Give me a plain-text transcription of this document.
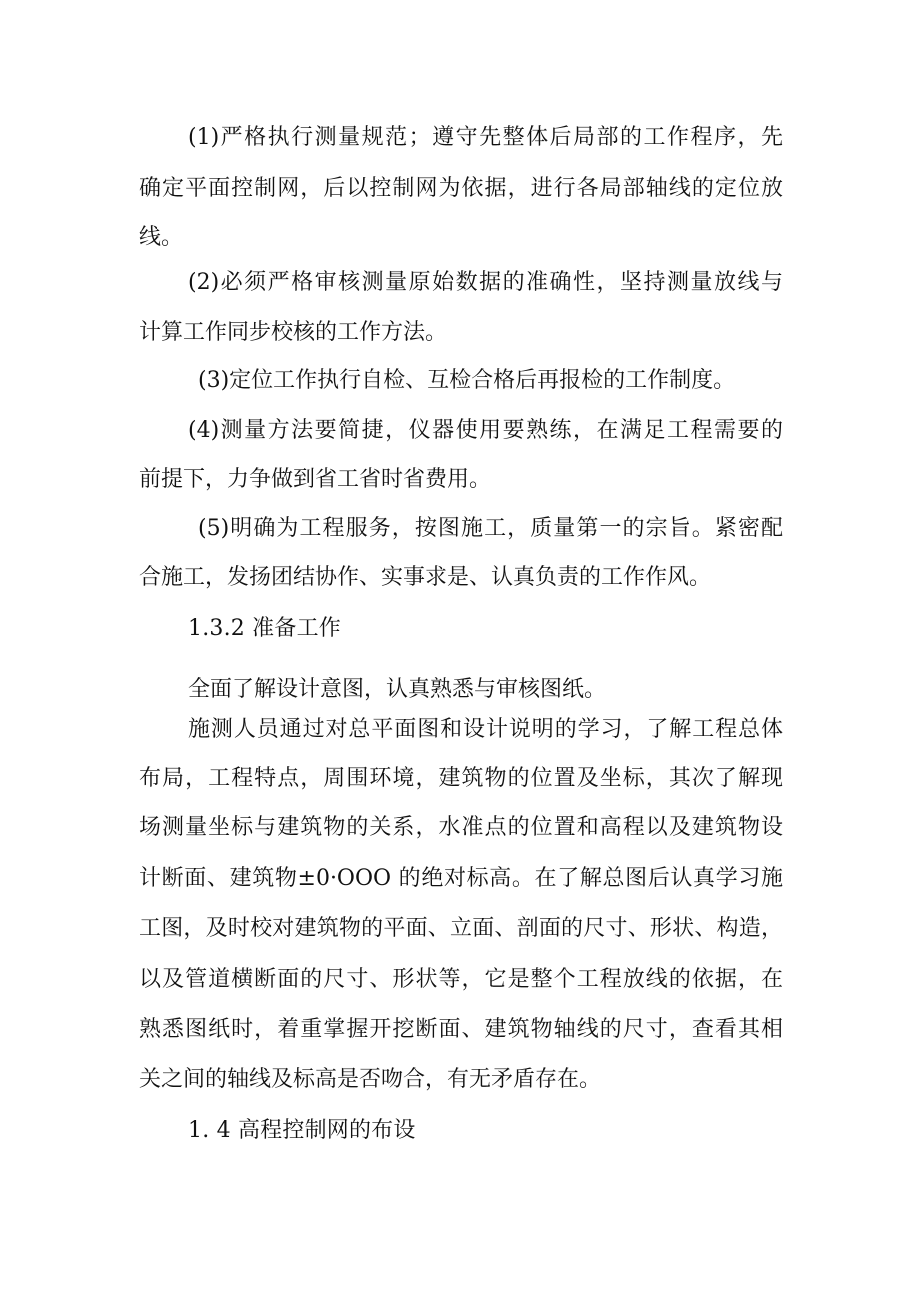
(1)严格执行测量规范；遵守先整体后局部的工作程序，先
确定平面控制网，后以控制网为依据，进行各局部轴线的定位放
线。
(2)必须严格审核测量原始数据的准确性，坚持测量放线与
计算工作同步校核的工作方法。
(3)定位工作执行自检、互检合格后再报检的工作制度。
(4)测量方法要简捷，仪器使用要熟练，在满足工程需要的
前提下，力争做到省工省时省费用。
(5)明确为工程服务，按图施工，质量第一的宗旨。紧密配
合施工，发扬团结协作、实事求是、认真负责的工作作风。
1.3.2 准备工作
全面了解设计意图，认真熟悉与审核图纸。
施测人员通过对总平面图和设计说明的学习，了解工程总体
布局，工程特点，周围环境，建筑物的位置及坐标，其次了解现
场测量坐标与建筑物的关系，水准点的位置和高程以及建筑物设
计断面、建筑物±0·OOO 的绝对标高。在了解总图后认真学习施
工图，及时校对建筑物的平面、立面、剖面的尺寸、形状、构造，
以及管道横断面的尺寸、形状等，它是整个工程放线的依据，在
熟悉图纸时，着重掌握开挖断面、建筑物轴线的尺寸，查看其相
关之间的轴线及标高是否吻合，有无矛盾存在。
1. 4 高程控制网的布设
